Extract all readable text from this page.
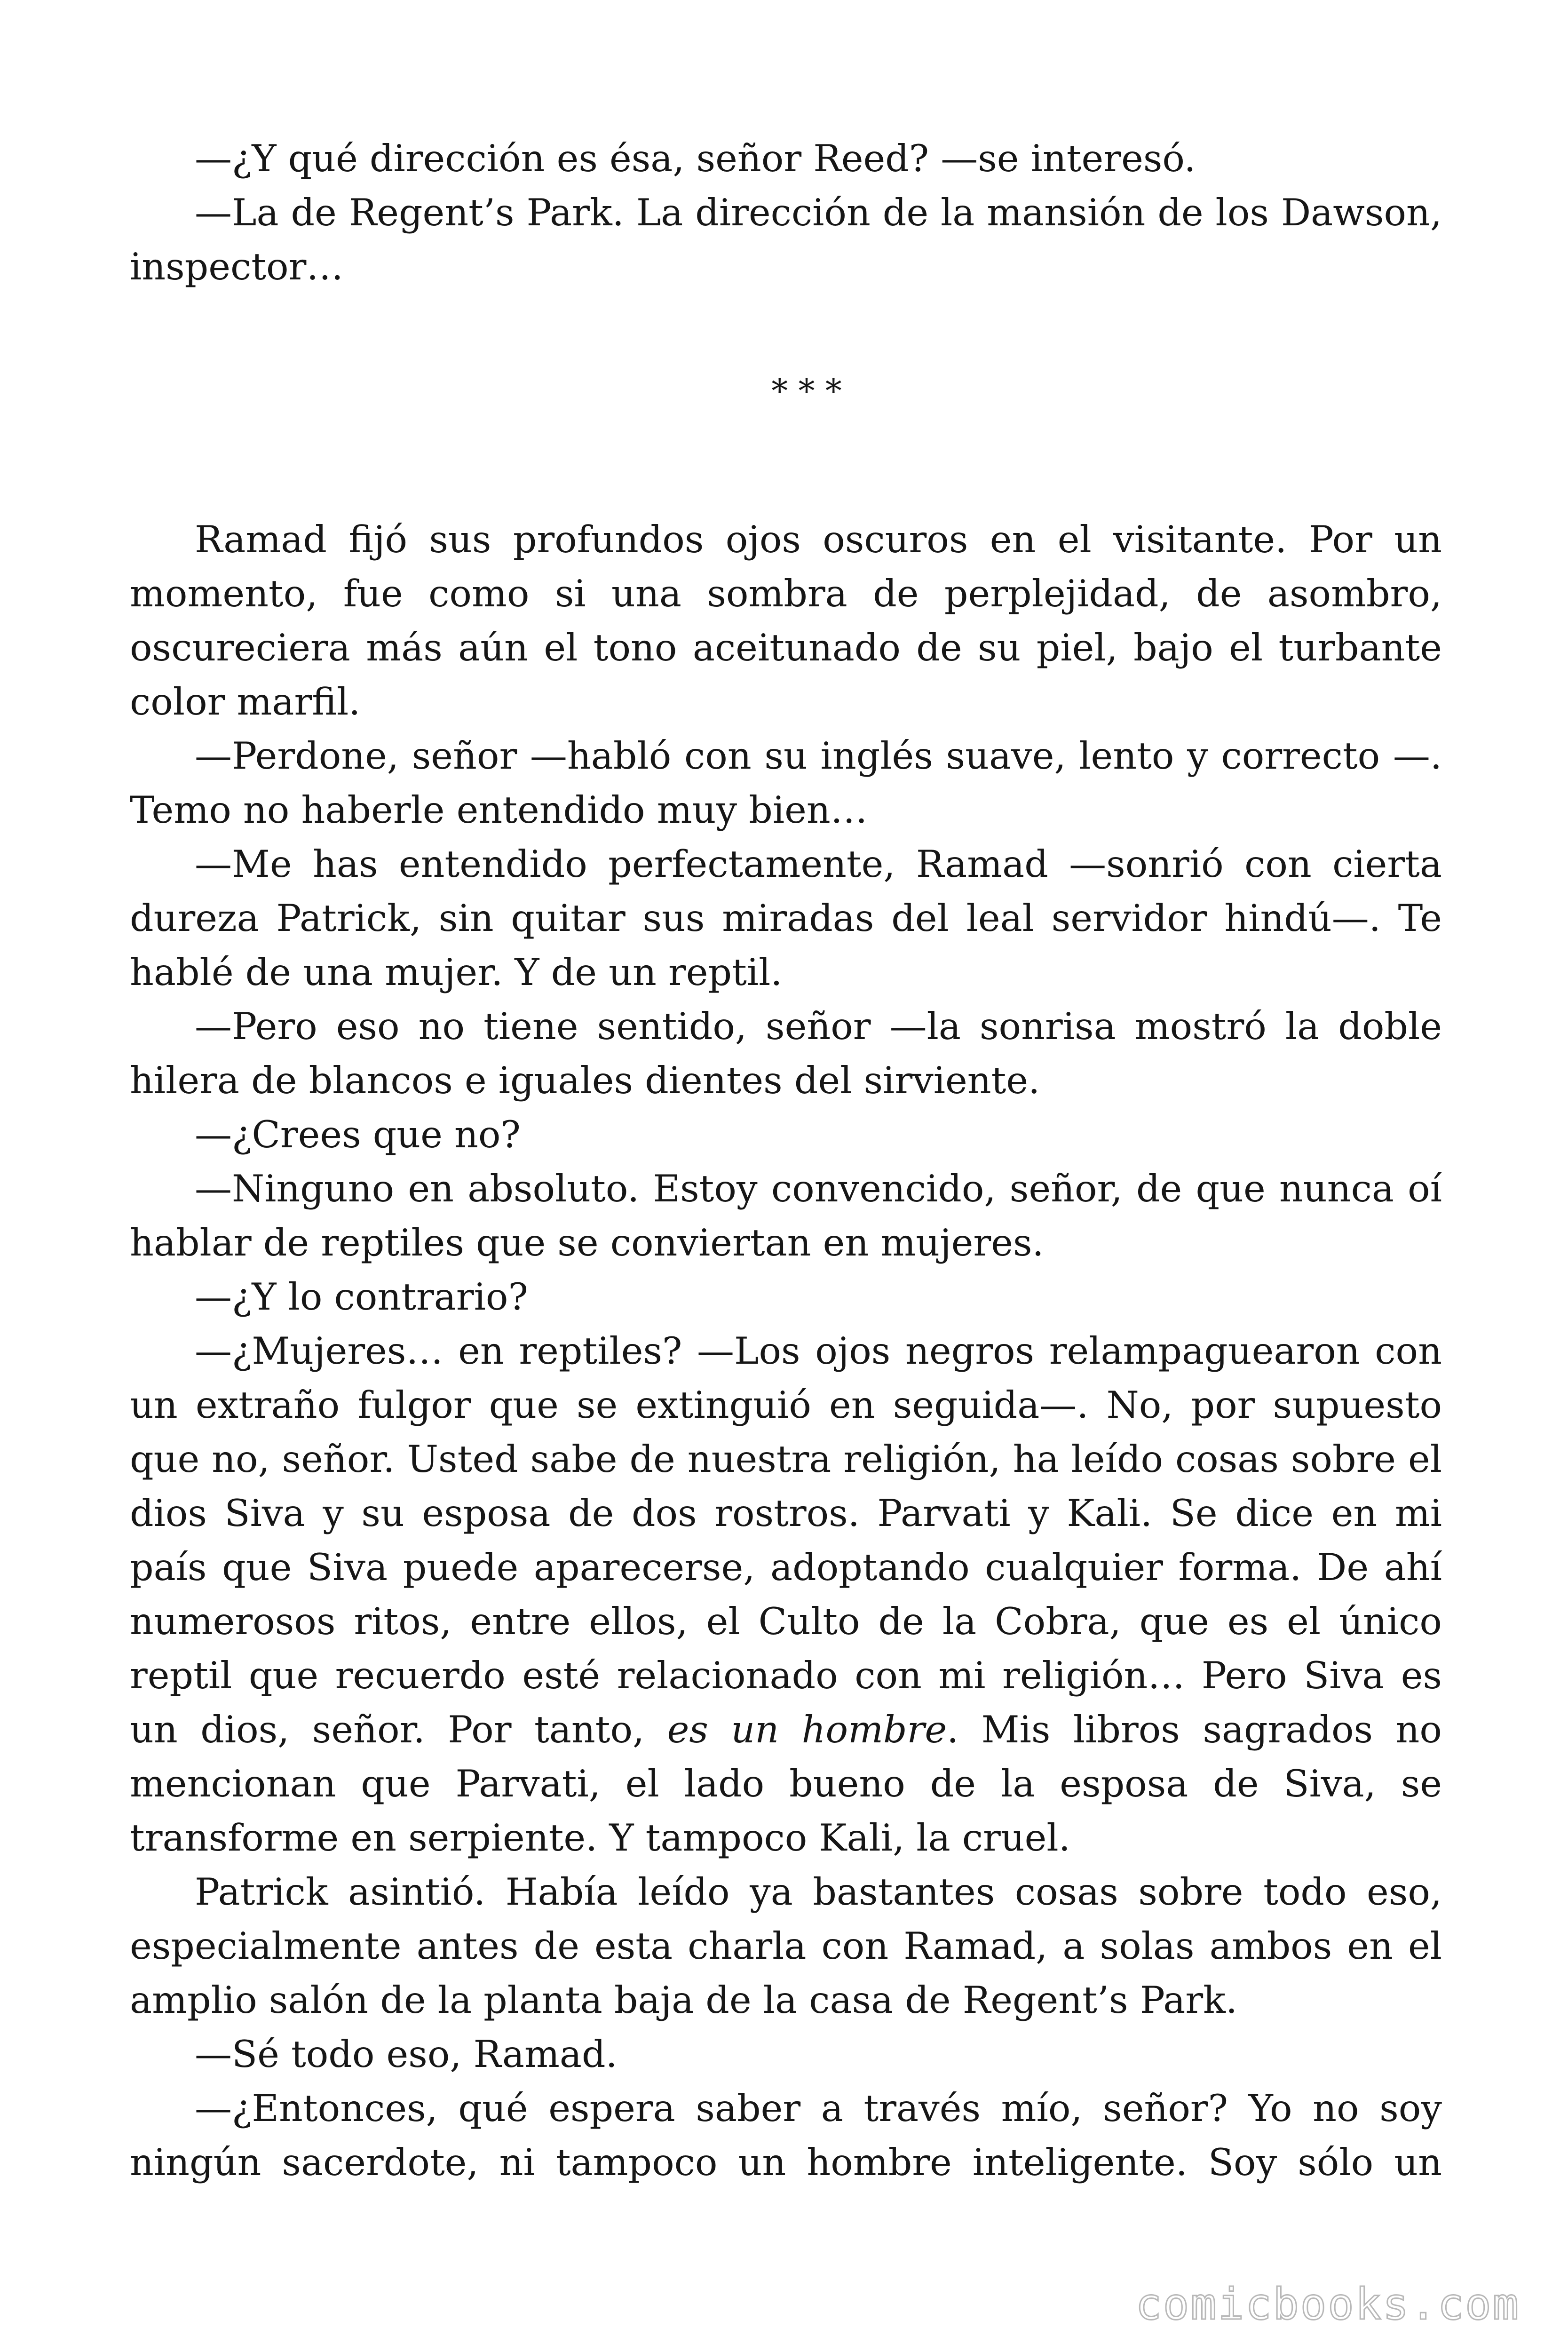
—¿Y qué dirección es ésa, señor Reed? —se interesó.

—La de Regent’s Park. La dirección de la mansión de los Dawson, inspector…

* * *

Ramad fijó sus profundos ojos oscuros en el visitante. Por un momento, fue como si una sombra de perplejidad, de asombro, oscureciera más aún el tono aceitunado de su piel, bajo el turbante color marfil.

—Perdone, señor —habló con su inglés suave, lento y correcto —. Temo no haberle entendido muy bien…

—Me has entendido perfectamente, Ramad —sonrió con cierta dureza Patrick, sin quitar sus miradas del leal servidor hindú—. Te hablé de una mujer. Y de un reptil.

—Pero eso no tiene sentido, señor —la sonrisa mostró la doble hilera de blancos e iguales dientes del sirviente.

—¿Crees que no?

—Ninguno en absoluto. Estoy convencido, señor, de que nunca oí hablar de reptiles que se conviertan en mujeres.

—¿Y lo contrario?

—¿Mujeres… en reptiles? —Los ojos negros relampaguearon con un extraño fulgor que se extinguió en seguida—. No, por supuesto que no, señor. Usted sabe de nuestra religión, ha leído cosas sobre el dios Siva y su esposa de dos rostros. Parvati y Kali. Se dice en mi país que Siva puede aparecerse, adoptando cualquier forma. De ahí numerosos ritos, entre ellos, el Culto de la Cobra, que es el único reptil que recuerdo esté relacionado con mi religión… Pero Siva es un dios, señor. Por tanto, es un hombre. Mis libros sagrados no mencionan que Parvati, el lado bueno de la esposa de Siva, se transforme en serpiente. Y tampoco Kali, la cruel.

Patrick asintió. Había leído ya bastantes cosas sobre todo eso, especialmente antes de esta charla con Ramad, a solas ambos en el amplio salón de la planta baja de la casa de Regent’s Park.

—Sé todo eso, Ramad.

—¿Entonces, qué espera saber a través mío, señor? Yo no soy ningún sacerdote, ni tampoco un hombre inteligente. Soy sólo un

comicbooks.com
